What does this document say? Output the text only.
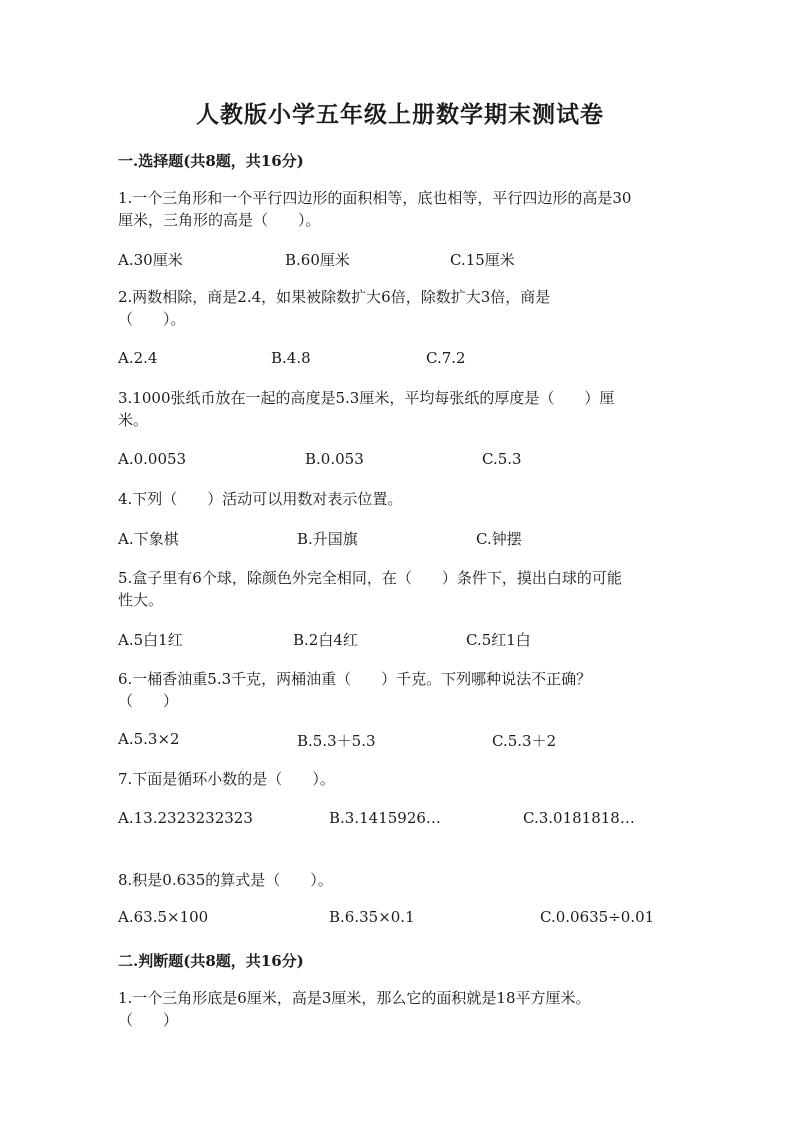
人教版小学五年级上册数学期末测试卷
一.选择题(共8题，共16分)
1.一个三角形和一个平行四边形的面积相等，底也相等，平行四边形的高是30
厘米，三角形的高是（　　）。
A.30厘米	B.60厘米	C.15厘米
2.两数相除，商是2.4，如果被除数扩大6倍，除数扩大3倍，商是
（　　）。
A.2.4	B.4.8	C.7.2
3.1000张纸币放在一起的高度是5.3厘米，平均每张纸的厚度是（　　）厘
米。
A.0.0053	B.0.053	C.5.3
4.下列（　　）活动可以用数对表示位置。
A.下象棋	B.升国旗	C.钟摆
5.盒子里有6个球，除颜色外完全相同，在（　　）条件下，摸出白球的可能
性大。
A.5白1红	B.2白4红	C.5红1白
6.一桶香油重5.3千克，两桶油重（　　）千克。下列哪种说法不正确？
（　　）
A.5.3×2	B.5.3＋5.3	C.5.3＋2
7.下面是循环小数的是（　　）。
A.13.2323232323	B.3.1415926…	C.3.0181818…
8.积是0.635的算式是（　　）。
A.63.5×100	B.6.35×0.1	C.0.0635÷0.01
二.判断题(共8题，共16分)
1.一个三角形底是6厘米，高是3厘米，那么它的面积就是18平方厘米。
（　　）
